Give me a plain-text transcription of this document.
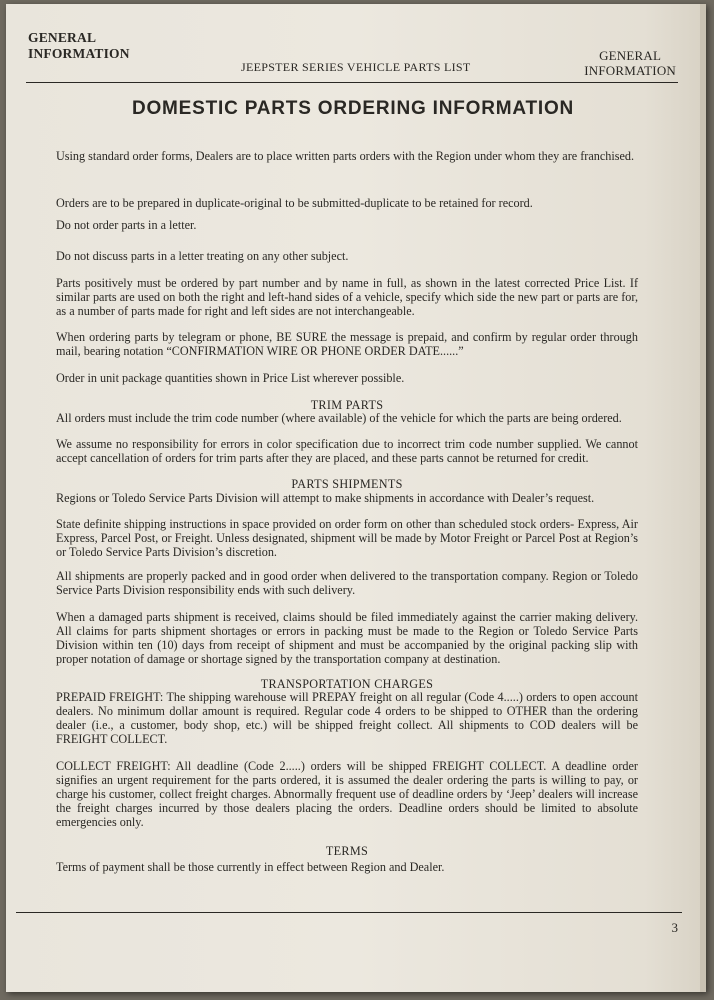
GENERAL
INFORMATION
JEEPSTER SERIES VEHICLE PARTS LIST
GENERAL
INFORMATION
DOMESTIC PARTS ORDERING INFORMATION
Using standard order forms, Dealers are to place written parts orders with the Region under whom they are franchised.
Orders are to be prepared in duplicate-original to be submitted-duplicate to be retained for record.
Do not order parts in a letter.
Do not discuss parts in a letter treating on any other subject.
Parts positively must be ordered by part number and by name in full, as shown in the latest corrected Price List. If similar parts are used on both the right and left-hand sides of a vehicle, specify which side the new part or parts are for, as a number of parts made for right and left sides are not interchangeable.
When ordering parts by telegram or phone, BE SURE the message is prepaid, and confirm by regular order through mail, bearing notation “CONFIRMATION WIRE OR PHONE ORDER DATE......”
Order in unit package quantities shown in Price List wherever possible.
TRIM PARTS
All orders must include the trim code number (where available) of the vehicle for which the parts are being ordered.
We assume no responsibility for errors in color specification due to incorrect trim code number supplied. We cannot accept cancellation of orders for trim parts after they are placed, and these parts cannot be returned for credit.
PARTS SHIPMENTS
Regions or Toledo Service Parts Division will attempt to make shipments in accordance with Dealer’s request.
State definite shipping instructions in space provided on order form on other than scheduled stock orders- Express, Air Express, Parcel Post, or Freight. Unless designated, shipment will be made by Motor Freight or Parcel Post at Region’s or Toledo Service Parts Division’s discretion.
All shipments are properly packed and in good order when delivered to the transportation company. Region or Toledo Service Parts Division responsibility ends with such delivery.
When a damaged parts shipment is received, claims should be filed immediately against the carrier making delivery. All claims for parts shipment shortages or errors in packing must be made to the Region or Toledo Service Parts Division within ten (10) days from receipt of shipment and must be accompanied by the original packing slip with proper notation of damage or shortage signed by the transportation company at destination.
TRANSPORTATION CHARGES
PREPAID FREIGHT: The shipping warehouse will PREPAY freight on all regular (Code 4.....) orders to open account dealers. No minimum dollar amount is required. Regular code 4 orders to be shipped to OTHER than the ordering dealer (i.e., a customer, body shop, etc.) will be shipped freight collect. All shipments to COD dealers will be FREIGHT COLLECT.
COLLECT FREIGHT: All deadline (Code 2.....) orders will be shipped FREIGHT COLLECT. A deadline order signifies an urgent requirement for the parts ordered, it is assumed the dealer ordering the parts is willing to pay, or charge his customer, collect freight charges. Abnormally frequent use of deadline orders by ‘Jeep’ dealers will increase the freight charges incurred by those dealers placing the orders. Deadline orders should be limited to absolute emergencies only.
TERMS
Terms of payment shall be those currently in effect between Region and Dealer.
3
